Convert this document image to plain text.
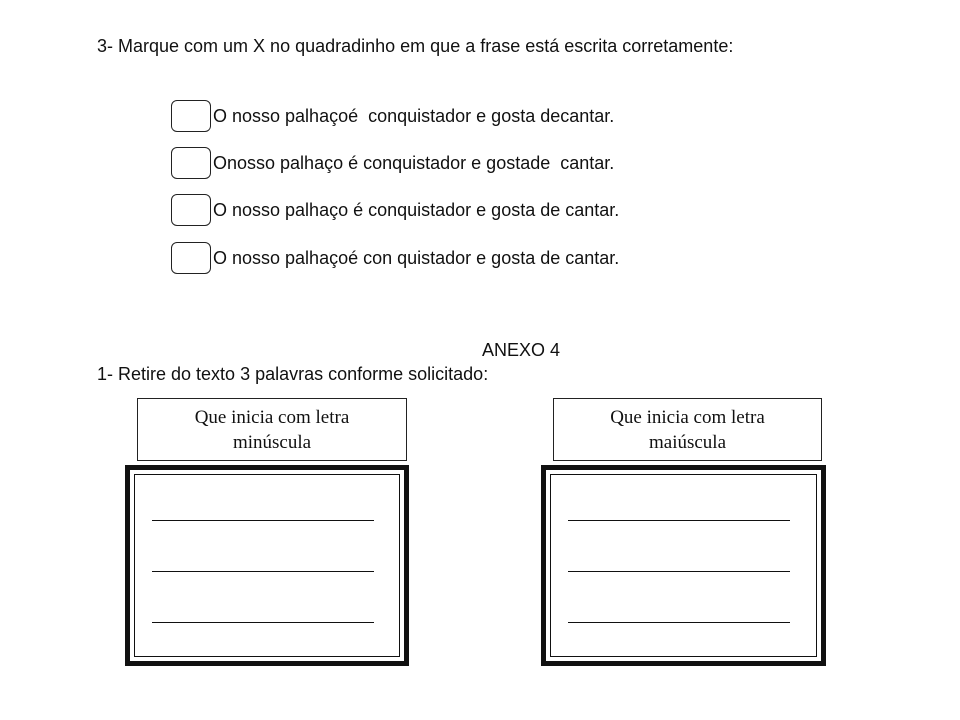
3- Marque com um X no quadradinho em que a frase está escrita corretamente:
O nosso palhaçoé  conquistador e gosta decantar.
Onosso palhaço é conquistador e gostade  cantar.
O nosso palhaço é conquistador e gosta de cantar.
O nosso palhaçoé con quistador e gosta de cantar.
ANEXO 4
1- Retire do texto 3 palavras conforme solicitado:
Que inicia com letra
minúscula
Que inicia com letra
maiúscula
